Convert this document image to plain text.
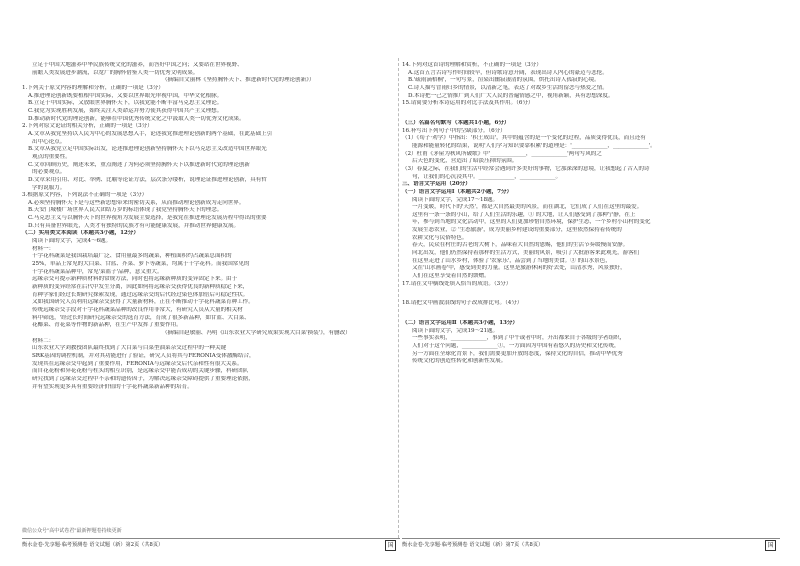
立足于中国大地滋养中华民族传统文化的滋养，而答好中国之问；又要站在世界视野、

前瞻人类发展进步潮流，以宽广的胸怀借鉴人类一切优秀文明成果。

（摘编自文丽林《坚持胸怀天下、推进新时代党的理论创新》）

1.下列关于原文内容的理解和分析，正确的一项是（3分）

A.推进理论创新既要植根中国实际，又要以世界眼光审视中国，中华文化根脉。

B.立足于中国实际，又放眼世界胸怀天下，以我党能不断丰富马克思主义理论。

C.我党为实现胜利发展，始终关注人类命运并努力使其获得中国共产主义理想。

D.推动新时代党的理论创新，能够在中国优秀传统文化之中汲取人类一切优秀文化成果。

2.下列对原文论证的相关分析，正确的一项是（3分）

A.文章从我党坚持以人民为中心的发展思想入手，论述我党推进理论创新的两个基础，在此基础上引

出中心论点。

B.文章从我党立足中国实际出发，论述推进理论创新坚持胸怀天下以马克思主义改造中国世界眼光

观点的重要性。

C.文章回顾历史，阐述未来，重点阐述了为何必须坚持胸怀天下以推进新时代党的理论创新

的必要观点。

D.文章采用引用、对比、举例、比喻等论证方法，层次条分缕析，说理论证推进理论创新，具有哲

学的说服力。

3.根据原文内容，下列说法不正确的一项是（3分）

A.必须坚持胸怀天下是与这些新思想带来的密切关系，从而推动理论创新成为走向世界。

B.天安门城楼广场世界人民大团结万岁的标语体现了我党坚持胸怀天下的理念。

C.马克思主义与以胸怀天下的世界视角为发展主要选择，是我党在推进理论发展历程中得出的重要

D.只有具备世界眼光，人类才有独特的民族才有可能健康发展，并推动世界健康发展。

（二）实用类文本阅读（本题共3小题，12分）

阅读下面的文字，完成4～6题。

材料一：

十字花科蔬菜是我国栽培最广泛、食用量最多的蔬菜，种植面积约占蔬菜总面积的

25%，单品上常见的大白菜、甘蓝、芥菜、萝卜等蔬菜，均属于十字花科。而我国常见的

十字花科蔬菜品种中，常见'菜篮子'品种，意义重大。

远缘杂交可提示新种质材料的常规方法，同时也将远缘新种质的变异固定下来。由于

新种质的变异经常在后代中发生分离，因此如何将远缘杂交获得优良的新种质稳定下来，

育种学家们经过长期研究探索发现，通过远缘杂交的后代经过染色体加倍后可稳定性状。

又如我国研究人员利用远缘杂交获得了大量新材料，正在不断推动十字花科蔬菜育种工作。

传统远缘杂交手段对十字花科蔬菜品种的改良作用非常大，有研究人员从大量的相关材

料中筛选，'经过长时间研究远缘杂交的选育方法，育成了很多新品种，如甘蓝、大白菜、

花椰菜、青花菜等作物的新品种，在生产中发挥了重要作用。

（摘编自赵敏丽、冯明《山东农业大学研究成果实现大白菜'换装'》，有删改）

材料二：

山东农业大学刘教授团队最终找到了大白菜与白菜型油菜杂交过程中的一种关键

SRK基因的调控机制，并对其功能进行了验证，研究人员将其与FERONIA受体激酶结合，

发现其在远缘杂交中起到了重要作用，FERONIA与远缘杂交后代亲和性有很大关系。

而自花花粉和异花花粉与柱头的相互识别，是远缘杂交中能否成功的关键步骤，科研团队

研究找到了远缘杂交过程中不亲和的遗传因子，为解决远缘杂交障碍提供了重要理论依据，

并有望实现更多具有重要经济价值的十字花科蔬菜新品种的培育。

14.下列对这首诗的理解和赏析，不正确的一项是（3分）

A.这首五言古诗写作时间较早，但诗歌诗意开阔，表现出诗人内心的豪迈与悲怆。

B.'疏雨滴梧桐'，一句写景，渲染出幽寂凄清的氛围，烘托出诗人孤寂的心境。

C.诗人描写冒雨归乡的情景，以清新之笔，表达了对故乡生活的留恋与热爱之情。

D.本诗把一己之情推广到人们广大人民的普遍情感之中，视角新颖，具有思想深度。

15.请简要分析本诗运用的对比手法及其作用。（6分）

（三）名篇名句默写（本题共1小题，6分）

16.补写出下列句子中的空缺部分。（6分）

（1）《荀子·劝学》中指出：'积土成山'，其中的蕴含的是一个变化的过程，品质变得优良，而且还有

能源和能量转化的结果，说明'人们学习知识要靠积累'的道理是：'_____________，_____________'。

（2）杜甫《茅屋为秋风所破歌》中'_____________，_____________'两句写风的之

后天色的变化，营造出了暗淡压抑的氛围。

（3）春夏之际，在我们的生活中经常会遇到许多美好的事物，它那深深的意境，让我想起了古人的诗

句，让我们的心沉浸其中。_____________，_____________。

三、语言文字运用（20分）

（一）语言文字运用Ⅰ（本题共2小题，7分）

阅读下面的文字，完成17～18题。

一月变暖，时代下的'天然'，都是大自然最美的风景，而在湖北，它们成了人们在这里的最爱。

这里有一条一条的小山，给了人们生活的乐趣，① 的大地，让人们感受到了那种宁静，在上

年，参与到当地的文化活动中，这里的人们更加珍惜自然环境，保护生态，一个乡村小山村的变化

发展生态农业，② '生态旅游'，成为美丽乡村建设的重要部分，这里依然保持着传统的

农耕文化与民俗特色。

春天，民众在村庄的古老的大树下，品味着大自然的恩赐，他们的生活节奏缓慢而安静。

向北出发，他们仍然保持着那样的生活方式，美丽的风景，吸引了大批游客来此观光，游客们

在这里走进了山水乡村，体验了'农家乐'，品尝到了当地的美食。③ 的山水景色，

又在'山水画卷'中，感受到美的力量。这里是旅游休闲的好去处，山清水秀，风景独好，

人们在这里享受着自然的馈赠。

17.请在文中横线处填入恰当的成语。（3分）

18.请把文中画波浪线的句子改成排比句。（4分）

（二）语言文字运用Ⅱ（本题共3小题，13分）

阅读下面的文字，完成19～21题。

一些事实表明，_____________，事到了中午或者中时，开出都来自于各级的学者组织，

人们对于这个问题，_____________①，一方面因为中国有着悠久的历史和文化传统，

另一方面在全球化背景下，我们需要更加开放的态度，保持文化的自信，推动中华优秀

传统文化的创造性转化和创新性发展。

微信公众号"高中试卷君"最新押题卷持续更新
衡水金卷·先享题·临考预测卷 语文试题（新）第2页（共8页）	国	衡水金卷·先享题·临考预测卷 语文试题（新）第7页（共8页）	国
